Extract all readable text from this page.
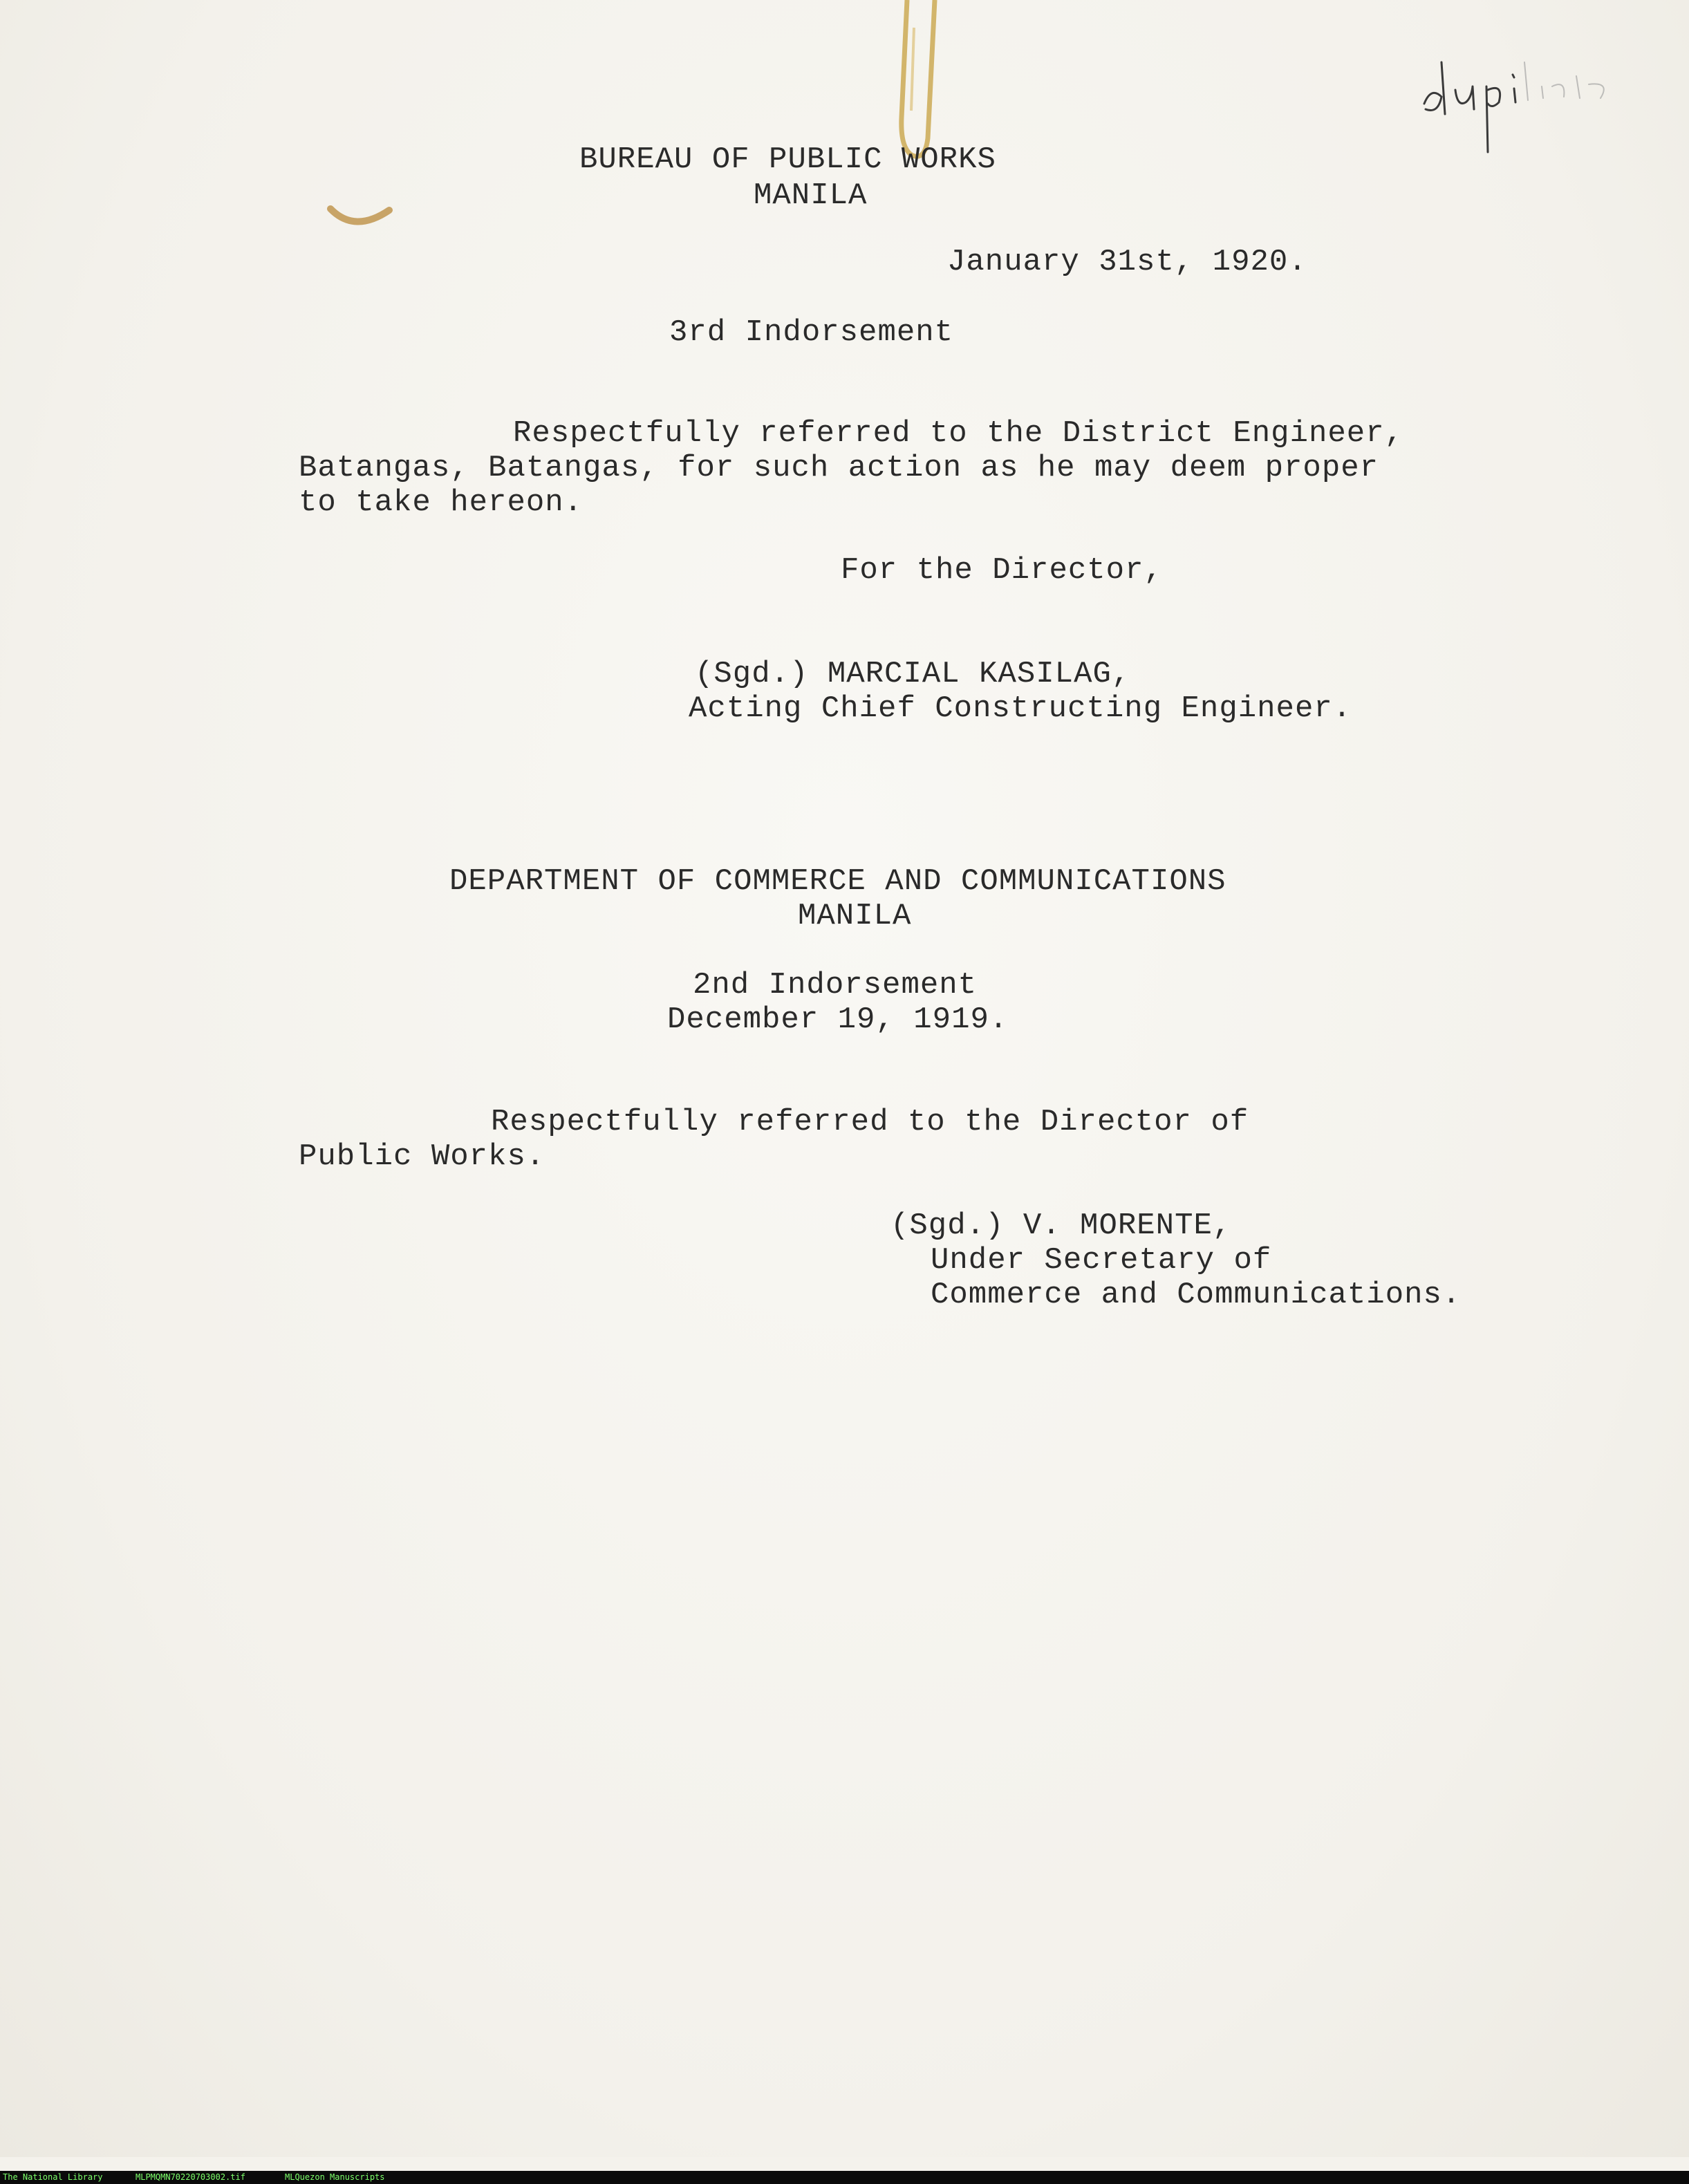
BUREAU OF PUBLIC WORKS
MANILA
January 31st, 1920.
3rd Indorsement
Respectfully referred to the District Engineer,
Batangas, Batangas, for such action as he may deem proper
to take hereon.
For the Director,
(Sgd.) MARCIAL KASILAG,
Acting Chief Constructing Engineer.
DEPARTMENT OF COMMERCE AND COMMUNICATIONS
MANILA
2nd Indorsement
December 19, 1919.
Respectfully referred to the Director of
Public Works.
(Sgd.) V. MORENTE,
Under Secretary of
Commerce and Communications.
The National Library	MLPMQMN70220703002.tif	MLQuezon Manuscripts
